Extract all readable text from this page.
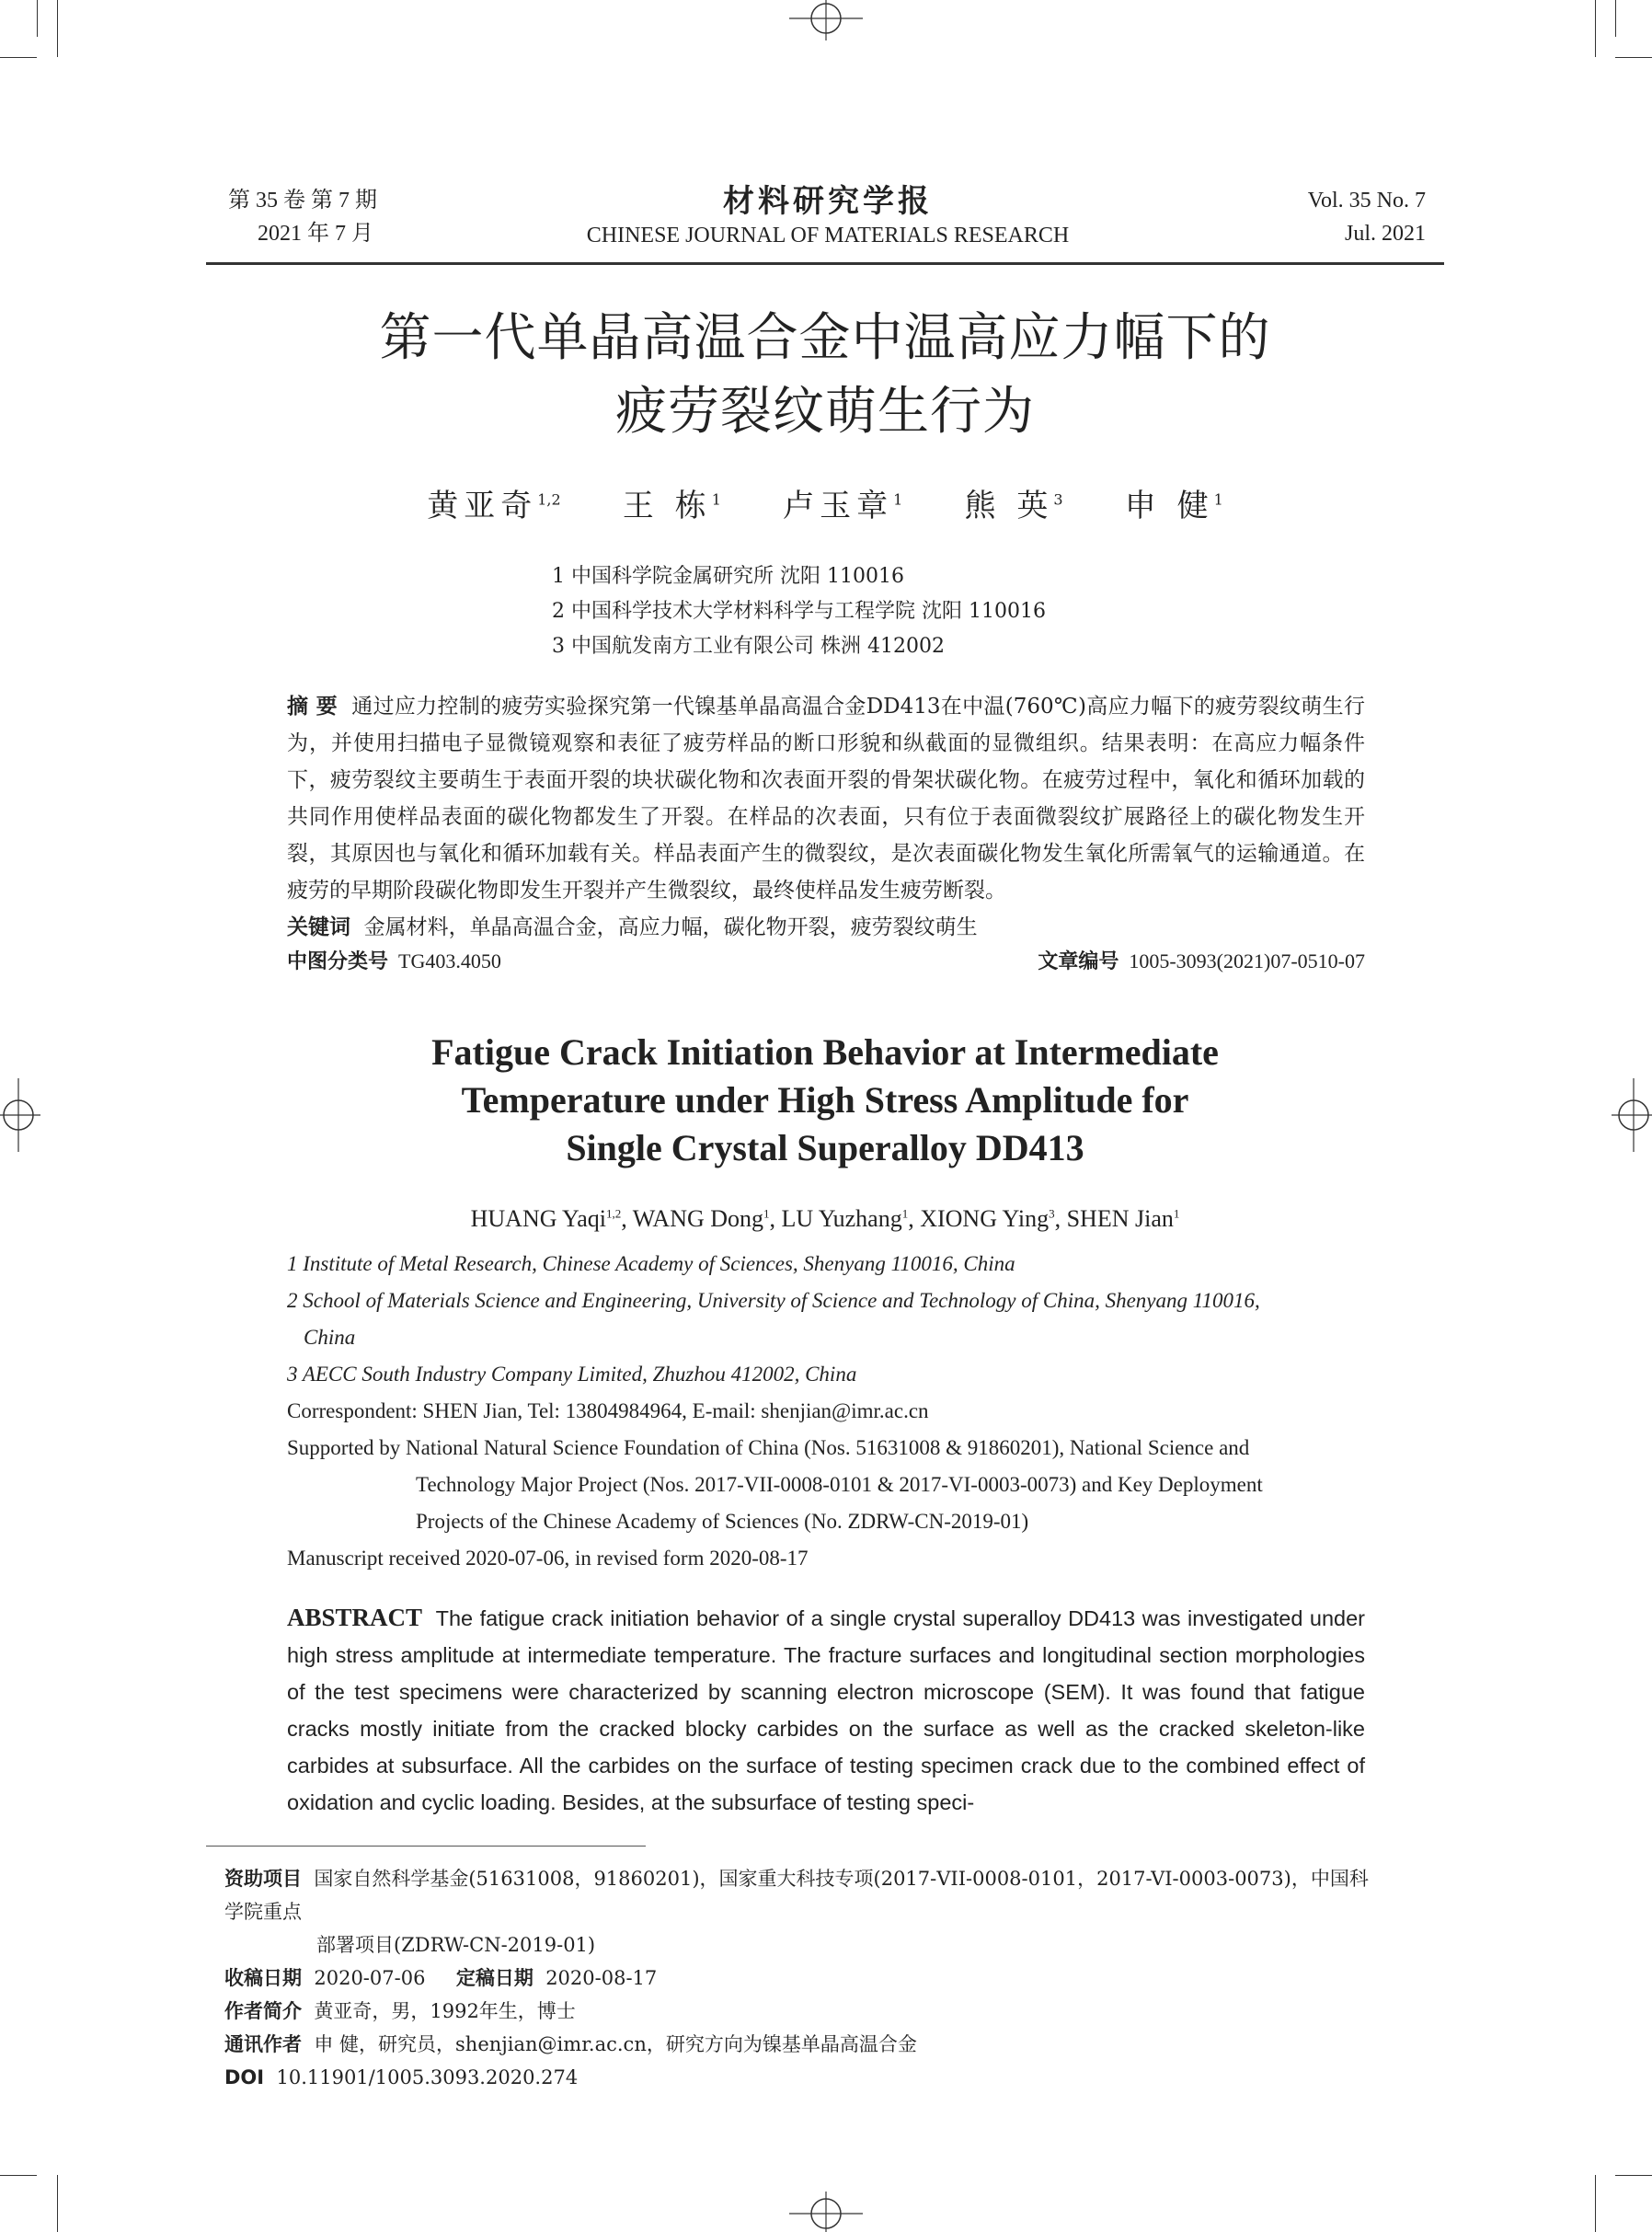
第 35 卷 第 7 期
2021 年 7 月
材料研究学报
CHINESE JOURNAL OF MATERIALS RESEARCH
Vol. 35 No. 7
Jul. 2021
第一代单晶高温合金中温高应力幅下的
疲劳裂纹萌生行为
黄亚奇$^{1,2}$ 王 栋$^1$ 卢玉章$^1$ 熊 英$^3$ 申 健$^1$
1 中国科学院金属研究所 沈阳 110016
2 中国科学技术大学材料科学与工程学院 沈阳 110016
3 中国航发南方工业有限公司 株洲 412002
摘 要 通过应力控制的疲劳实验探究第一代镍基单晶高温合金DD413在中温(760℃)高应力幅下的疲劳裂纹萌生行为，并使用扫描电子显微镜观察和表征了疲劳样品的断口形貌和纵截面的显微组织。结果表明：在高应力幅条件下，疲劳裂纹主要萌生于表面开裂的块状碳化物和次表面开裂的骨架状碳化物。在疲劳过程中，氧化和循环加载的共同作用使样品表面的碳化物都发生了开裂。在样品的次表面，只有位于表面微裂纹扩展路径上的碳化物发生开裂，其原因也与氧化和循环加载有关。样品表面产生的微裂纹，是次表面碳化物发生氧化所需氧气的运输通道。在疲劳的早期阶段碳化物即发生开裂并产生微裂纹，最终使样品发生疲劳断裂。
关键词 金属材料，单晶高温合金，高应力幅，碳化物开裂，疲劳裂纹萌生
中图分类号 TG403.4050	文章编号 1005-3093(2021)07-0510-07
Fatigue Crack Initiation Behavior at Intermediate
Temperature under High Stress Amplitude for
Single Crystal Superalloy DD413
HUANG Yaqi$^{1,2}$, WANG Dong$^1$, LU Yuzhang$^1$, XIONG Ying$^3$, SHEN Jian$^1$
1 Institute of Metal Research, Chinese Academy of Sciences, Shenyang 110016, China
2 School of Materials Science and Engineering, University of Science and Technology of China, Shenyang 110016,
China
3 AECC South Industry Company Limited, Zhuzhou 412002, China
Correspondent: SHEN Jian, Tel: 13804984964, E-mail: shenjian@imr.ac.cn
Supported by National Natural Science Foundation of China (Nos. 51631008 & 91860201), National Science and
Technology Major Project (Nos. 2017-VII-0008-0101 & 2017-VI-0003-0073) and Key Deployment
Projects of the Chinese Academy of Sciences (No. ZDRW-CN-2019-01)
Manuscript received 2020-07-06, in revised form 2020-08-17
ABSTRACT The fatigue crack initiation behavior of a single crystal superalloy DD413 was investigated under high stress amplitude at intermediate temperature. The fracture surfaces and longitudinal section morphologies of the test specimens were characterized by scanning electron microscope (SEM). It was found that fatigue cracks mostly initiate from the cracked blocky carbides on the surface as well as the cracked skeleton-like carbides at subsurface. All the carbides on the surface of testing specimen crack due to the combined effect of oxidation and cyclic loading. Besides, at the subsurface of testing speci-
资助项目 国家自然科学基金(51631008，91860201)，国家重大科技专项(2017-VII-0008-0101，2017-VI-0003-0073)，中国科学院重点
部署项目(ZDRW-CN-2019-01)
收稿日期 2020-07-06 定稿日期 2020-08-17
作者简介 黄亚奇，男，1992年生，博士
通讯作者 申 健，研究员，shenjian@imr.ac.cn，研究方向为镍基单晶高温合金
DOI 10.11901/1005.3093.2020.274
